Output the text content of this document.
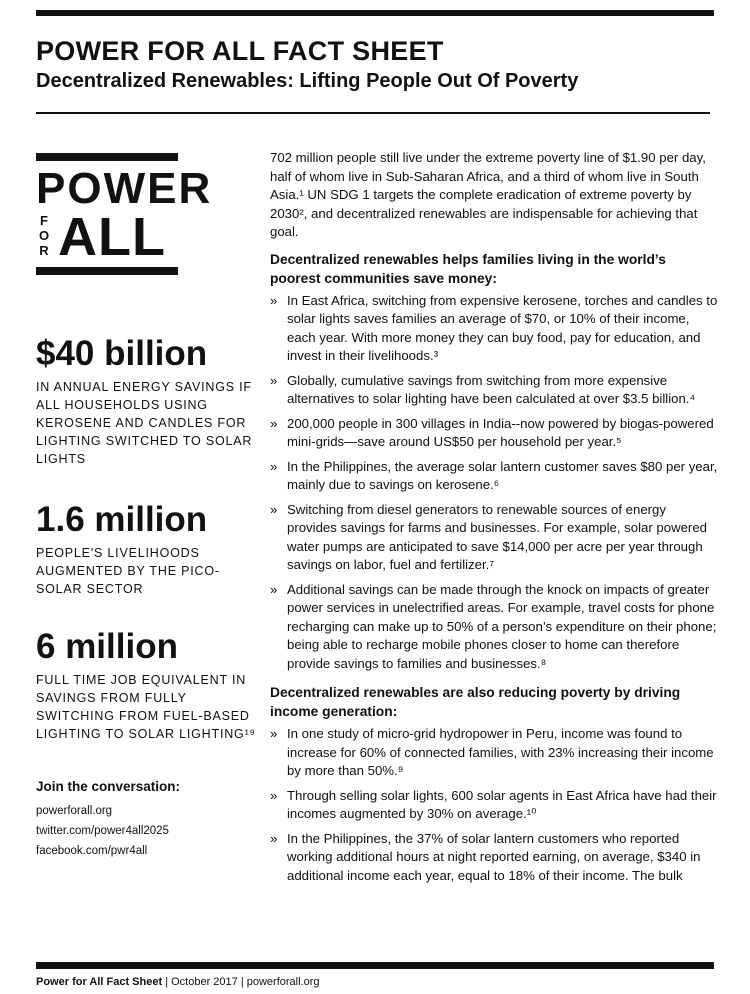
POWER FOR ALL FACT SHEET
Decentralized Renewables: Lifting People Out Of Poverty
POWER
F
O
R ALL
$40 billion
IN ANNUAL ENERGY SAVINGS IF ALL HOUSEHOLDS USING KEROSENE AND CANDLES FOR LIGHTING SWITCHED TO SOLAR LIGHTS
1.6 million
PEOPLE'S LIVELIHOODS AUGMENTED BY THE PICO-SOLAR SECTOR
6 million
FULL TIME JOB EQUIVALENT IN SAVINGS FROM FULLY SWITCHING FROM FUEL-BASED LIGHTING TO SOLAR LIGHTING¹⁹
Join the conversation:
powerforall.org
twitter.com/power4all2025
facebook.com/pwr4all

702 million people still live under the extreme poverty line of $1.90 per day, half of whom live in Sub-Saharan Africa, and a third of whom live in South Asia.¹ UN SDG 1 targets the complete eradication of extreme poverty by 2030², and decentralized renewables are indispensable for achieving that goal.

Decentralized renewables helps families living in the world’s poorest communities save money:
» In East Africa, switching from expensive kerosene, torches and candles to solar lights saves families an average of $70, or 10% of their income, each year. With more money they can buy food, pay for education, and invest in their livelihoods.³
» Globally, cumulative savings from switching from more expensive alternatives to solar lighting have been calculated at over $3.5 billion.⁴
» 200,000 people in 300 villages in India--now powered by biogas-powered mini-grids—save around US$50 per household per year.⁵
» In the Philippines, the average solar lantern customer saves $80 per year, mainly due to savings on kerosene.⁶
» Switching from diesel generators to renewable sources of energy provides savings for farms and businesses. For example, solar powered water pumps are anticipated to save $14,000 per acre per year through savings on labor, fuel and fertilizer.⁷
» Additional savings can be made through the knock on impacts of greater power services in unelectrified areas. For example, travel costs for phone recharging can make up to 50% of a person’s expenditure on their phone; being able to recharge mobile phones closer to home can therefore provide savings to families and businesses.⁸
Decentralized renewables are also reducing poverty by driving income generation:
» In one study of micro-grid hydropower in Peru, income was found to increase for 60% of connected families, with 23% increasing their income by more than 50%.⁹
» Through selling solar lights, 600 solar agents in East Africa have had their incomes augmented by 30% on average.¹⁰
» In the Philippines, the 37% of solar lantern customers who reported working additional hours at night reported earning, on average, $340 in additional income each year, equal to 18% of their income. The bulk
Power for All Fact Sheet | October 2017 | powerforall.org
